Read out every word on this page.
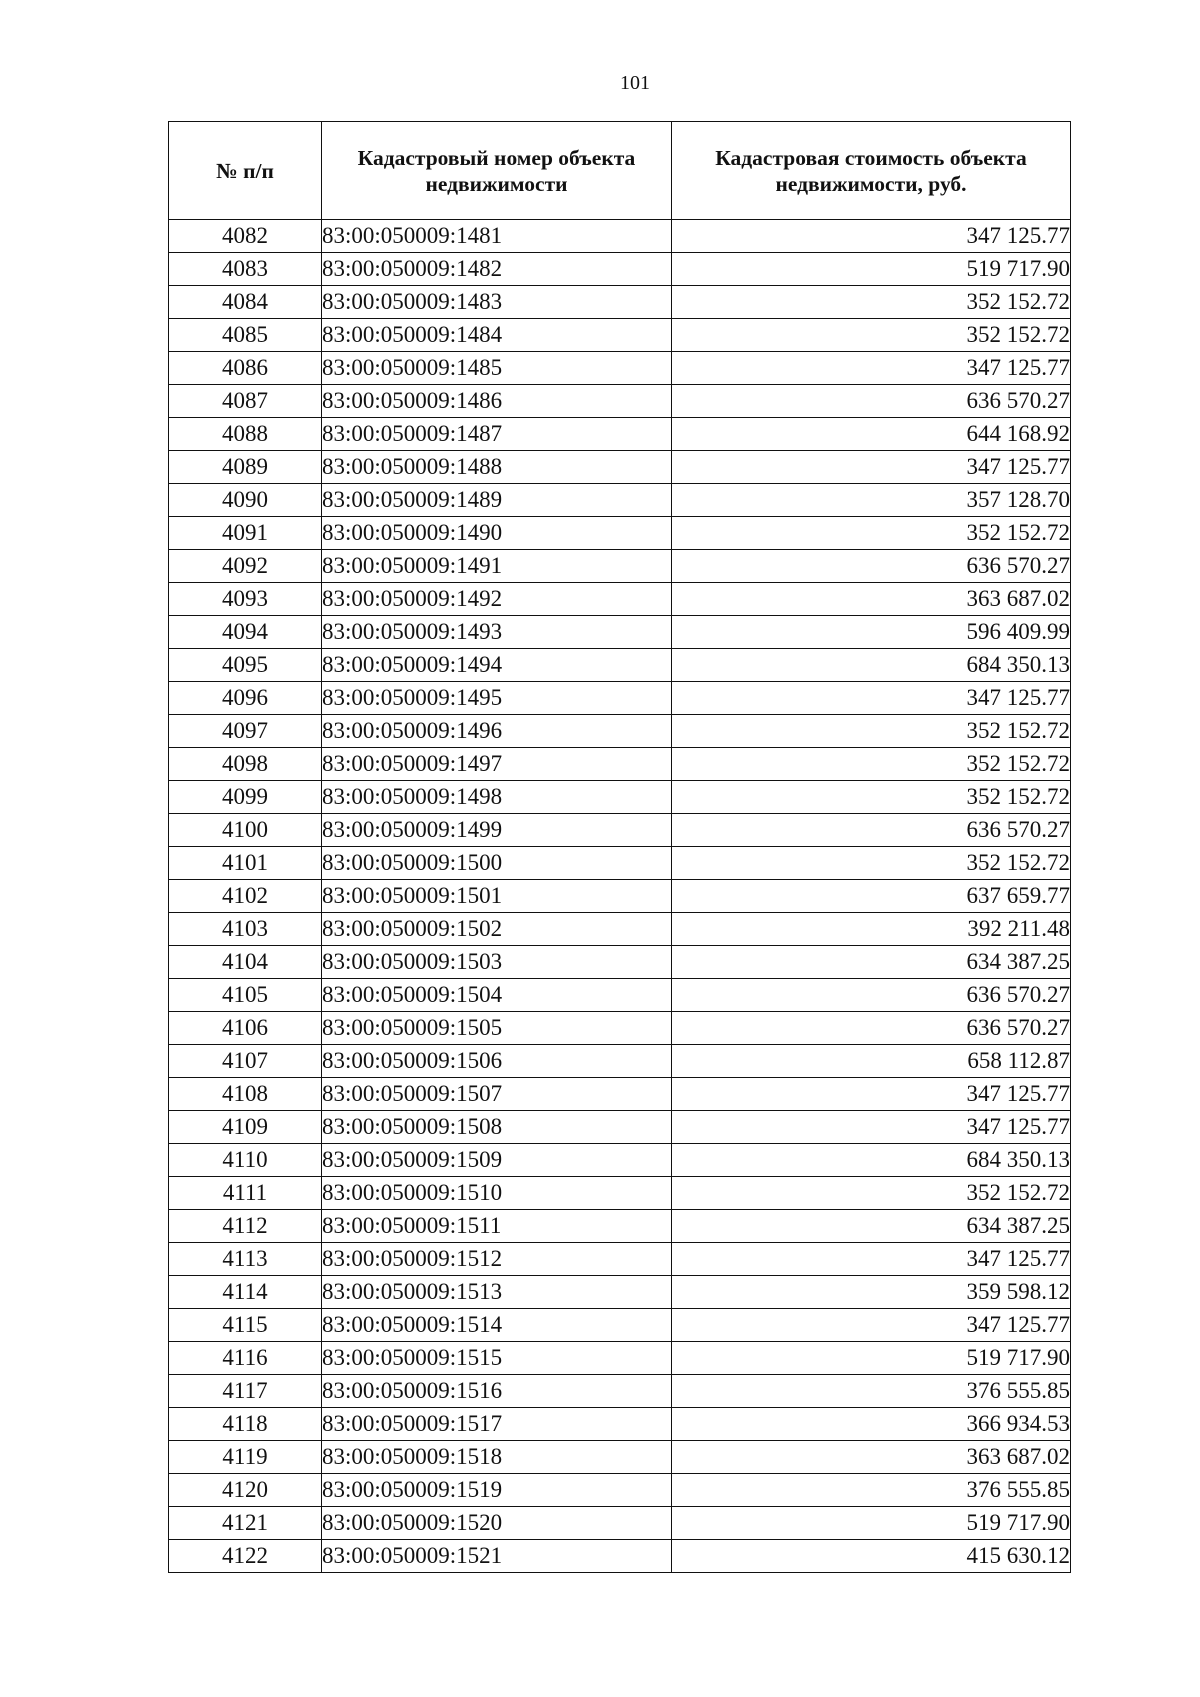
101
№ п/п	Кадастровый номер объекта недвижимости	Кадастровая стоимость объекта недвижимости, руб.
4082	83:00:050009:1481	347 125.77
4083	83:00:050009:1482	519 717.90
4084	83:00:050009:1483	352 152.72
4085	83:00:050009:1484	352 152.72
4086	83:00:050009:1485	347 125.77
4087	83:00:050009:1486	636 570.27
4088	83:00:050009:1487	644 168.92
4089	83:00:050009:1488	347 125.77
4090	83:00:050009:1489	357 128.70
4091	83:00:050009:1490	352 152.72
4092	83:00:050009:1491	636 570.27
4093	83:00:050009:1492	363 687.02
4094	83:00:050009:1493	596 409.99
4095	83:00:050009:1494	684 350.13
4096	83:00:050009:1495	347 125.77
4097	83:00:050009:1496	352 152.72
4098	83:00:050009:1497	352 152.72
4099	83:00:050009:1498	352 152.72
4100	83:00:050009:1499	636 570.27
4101	83:00:050009:1500	352 152.72
4102	83:00:050009:1501	637 659.77
4103	83:00:050009:1502	392 211.48
4104	83:00:050009:1503	634 387.25
4105	83:00:050009:1504	636 570.27
4106	83:00:050009:1505	636 570.27
4107	83:00:050009:1506	658 112.87
4108	83:00:050009:1507	347 125.77
4109	83:00:050009:1508	347 125.77
4110	83:00:050009:1509	684 350.13
4111	83:00:050009:1510	352 152.72
4112	83:00:050009:1511	634 387.25
4113	83:00:050009:1512	347 125.77
4114	83:00:050009:1513	359 598.12
4115	83:00:050009:1514	347 125.77
4116	83:00:050009:1515	519 717.90
4117	83:00:050009:1516	376 555.85
4118	83:00:050009:1517	366 934.53
4119	83:00:050009:1518	363 687.02
4120	83:00:050009:1519	376 555.85
4121	83:00:050009:1520	519 717.90
4122	83:00:050009:1521	415 630.12
